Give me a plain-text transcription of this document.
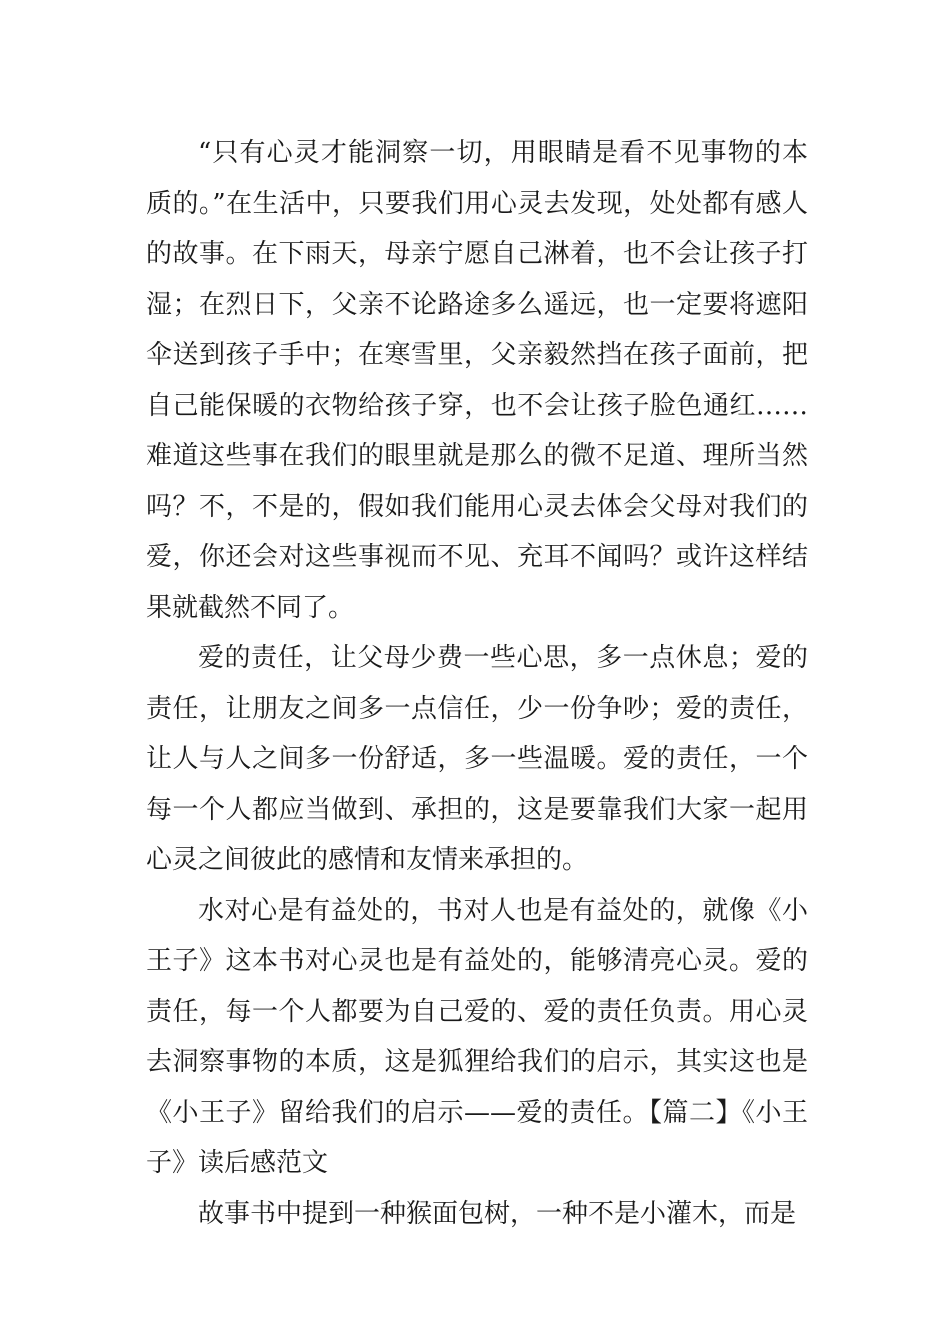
“只有心灵才能洞察一切，用眼睛是看不见事物的本质的。”在生活中，只要我们用心灵去发现，处处都有感人的故事。在下雨天，母亲宁愿自己淋着，也不会让孩子打湿；在烈日下，父亲不论路途多么遥远，也一定要将遮阳伞送到孩子手中；在寒雪里，父亲毅然挡在孩子面前，把自己能保暖的衣物给孩子穿，也不会让孩子脸色通红……难道这些事在我们的眼里就是那么的微不足道、理所当然吗？不，不是的，假如我们能用心灵去体会父母对我们的爱，你还会对这些事视而不见、充耳不闻吗？或许这样结果就截然不同了。

爱的责任，让父母少费一些心思，多一点休息；爱的责任，让朋友之间多一点信任，少一份争吵；爱的责任，让人与人之间多一份舒适，多一些温暖。爱的责任，一个每一个人都应当做到、承担的，这是要靠我们大家一起用心灵之间彼此的感情和友情来承担的。

水对心是有益处的，书对人也是有益处的，就像《小王子》这本书对心灵也是有益处的，能够清亮心灵。爱的责任，每一个人都要为自己爱的、爱的责任负责。用心灵去洞察事物的本质，这是狐狸给我们的启示，其实这也是《小王子》留给我们的启示——爱的责任。【篇二】《小王子》读后感范文

故事书中提到一种猴面包树，一种不是小灌木，而是
